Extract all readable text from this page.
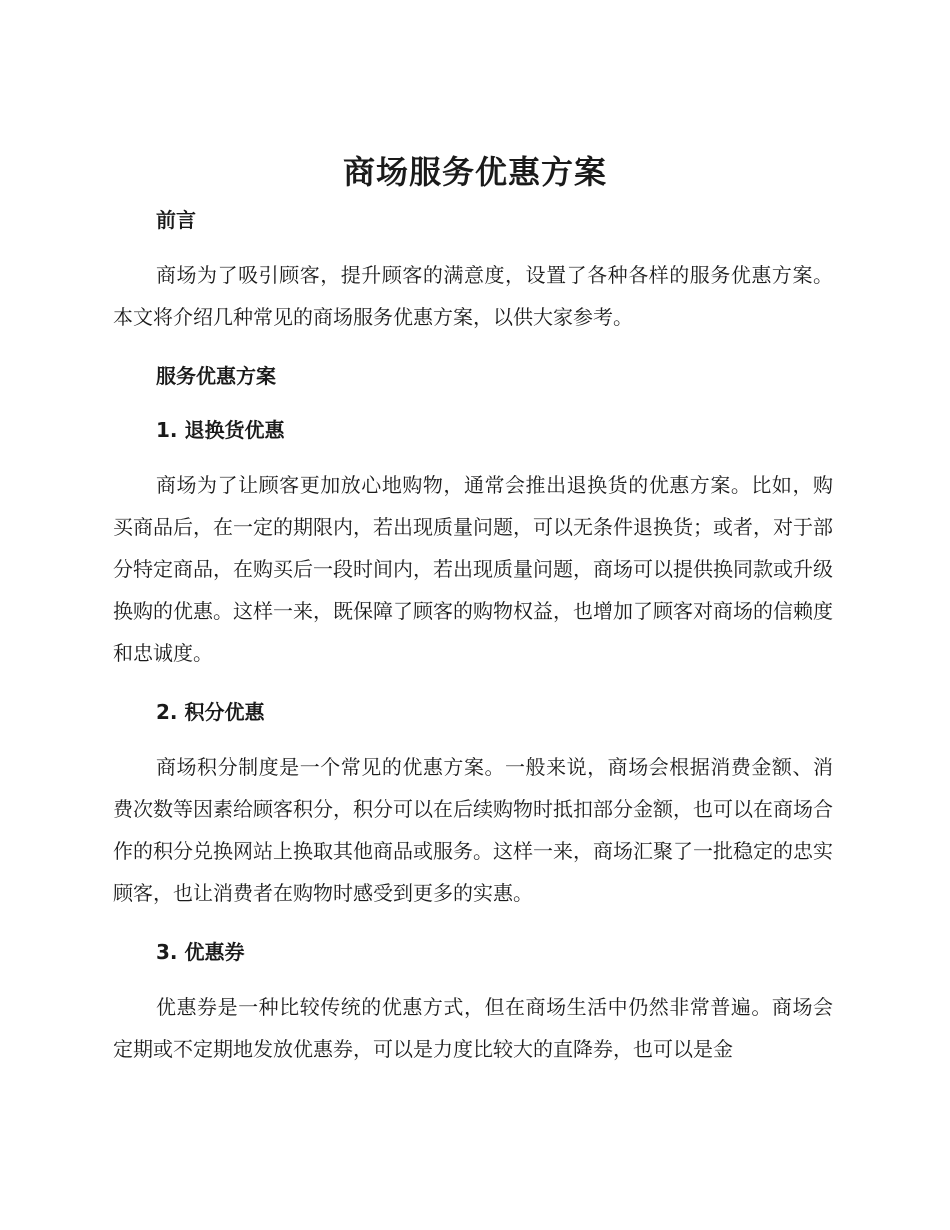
商场服务优惠方案

前言

商场为了吸引顾客，提升顾客的满意度，设置了各种各样的服务优惠方案。本文将介绍几种常见的商场服务优惠方案，以供大家参考。

服务优惠方案

1. 退换货优惠

商场为了让顾客更加放心地购物，通常会推出退换货的优惠方案。比如，购买商品后，在一定的期限内，若出现质量问题，可以无条件退换货；或者，对于部分特定商品，在购买后一段时间内，若出现质量问题，商场可以提供换同款或升级换购的优惠。这样一来，既保障了顾客的购物权益，也增加了顾客对商场的信赖度和忠诚度。

2. 积分优惠

商场积分制度是一个常见的优惠方案。一般来说，商场会根据消费金额、消费次数等因素给顾客积分，积分可以在后续购物时抵扣部分金额，也可以在商场合作的积分兑换网站上换取其他商品或服务。这样一来，商场汇聚了一批稳定的忠实顾客，也让消费者在购物时感受到更多的实惠。

3. 优惠券

优惠券是一种比较传统的优惠方式，但在商场生活中仍然非常普遍。商场会定期或不定期地发放优惠券，可以是力度比较大的直降券，也可以是金
